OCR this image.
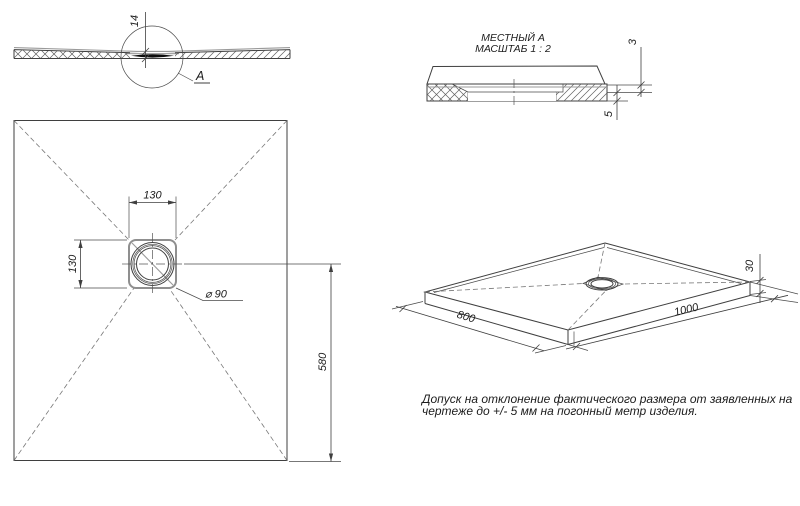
A
14
МЕСТНЫЙ А
МАСШТАБ 1 : 2
3
5
130
130
⌀ 90
580
800	1000
30
Допуск на отклонение фактического размера от заявленных на
чертеже до +/- 5 мм на погонный метр изделия.
